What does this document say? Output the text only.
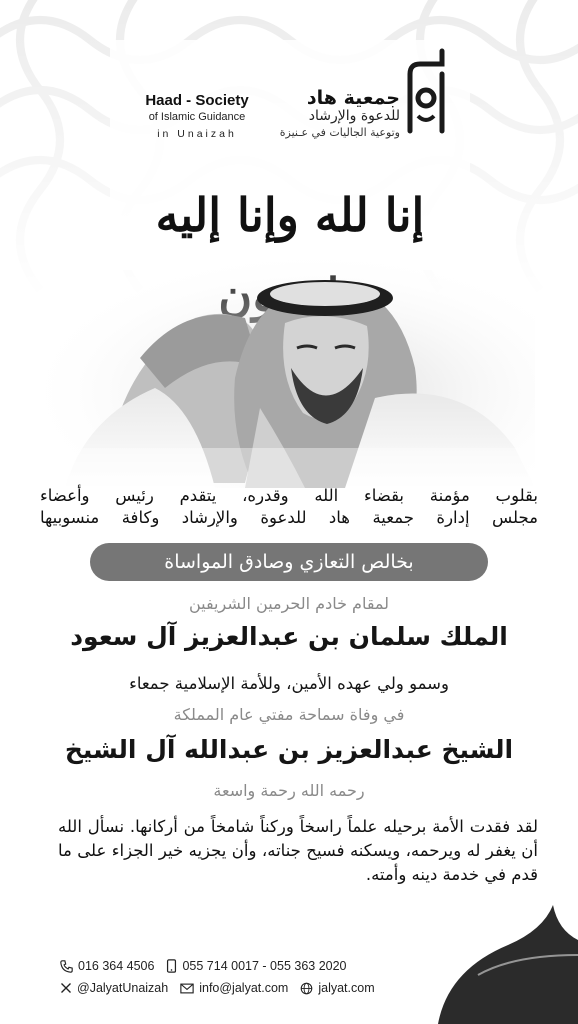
جمعية هاد
للدعوة والإرشاد
وتوعية الجاليات في عـنيزة
Haad - Society
of Islamic Guidance
in Unaizah
إنا لله وإنا إليه
بقلوب مؤمنة بقضاء الله وقدره، يتقدم رئيس وأعضاء
مجلس إدارة جمعية هاد للدعوة والإرشاد وكافة منسوبيها
بخالص التعازي وصادق المواساة
لمقام خادم الحرمين الشريفين
الملك سلمان بن عبدالعزيز آل سعود
وسمو ولي عهده الأمين، وللأمة الإسلامية جمعاء
في وفاة سماحة مفتي عام المملكة
الشيخ عبدالعزيز بن عبدالله آل الشيخ
رحمه الله رحمة واسعة
لقد فقدت الأمة برحيله علماً راسخاً وركناً شامخاً من أركانها. نسأل الله أن يغفر له ويرحمه، ويسكنه فسيح جناته، وأن يجزيه خير الجزاء على ما قدم في خدمة دينه وأمته.
016 364 4506 055 714 0017 - 055 363 2020
@JalyatUnaizah info@jalyat.com jalyat.com
